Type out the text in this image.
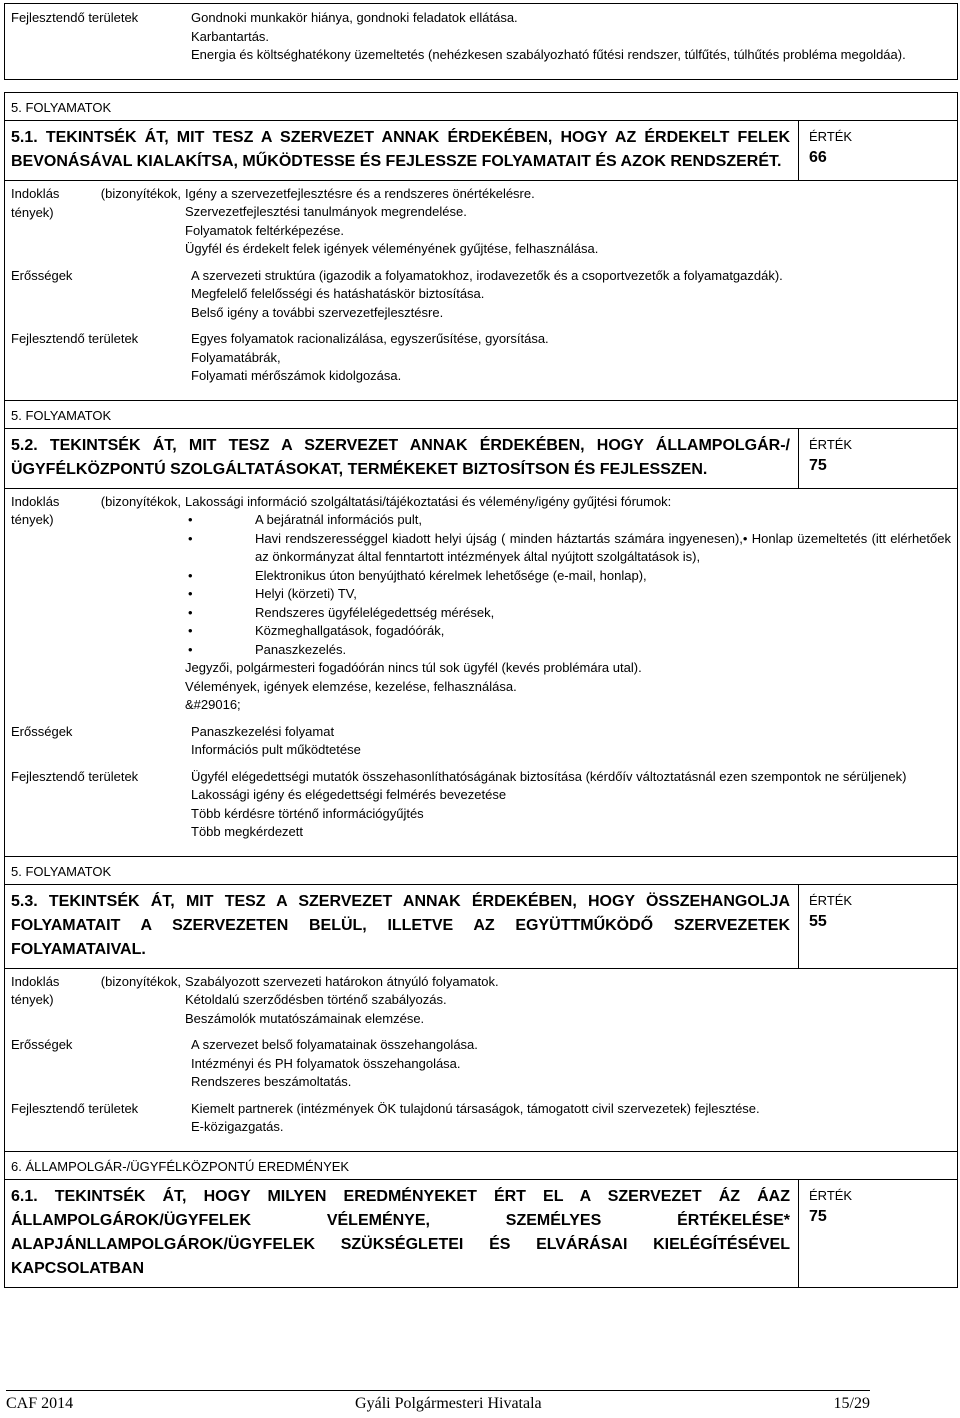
Fejlesztendő területek	Gondnoki munkakör hiánya, gondnoki feladatok ellátása.
Karbantartás.
Energia és költséghatékony üzemeltetés (nehézkesen szabályozható fűtési rendszer, túlfűtés, túlhűtés probléma megoldáa).
5. FOLYAMATOK
5.1. TEKINTSÉK ÁT, MIT TESZ A SZERVEZET ANNAK ÉRDEKÉBEN, HOGY AZ ÉRDEKELT FELEK BEVONÁSÁVAL KIALAKÍTSA, MŰKÖDTESSE ÉS FEJLESSZE FOLYAMATAIT ÉS AZOK RENDSZERÉT.
ÉRTÉK
66
Indoklás	(bizonyítékok, Igény a szervezetfejlesztésre és a rendszeres önértékelésre.
Szervezetfejlesztési tanulmányok megrendelése.
Folyamatok feltérképezése.
Ügyfél és érdekelt felek igények véleményének gyűjtése, felhasználása.
tények)
Erősségek	A szervezeti struktúra (igazodik a folyamatokhoz, irodavezetők és a csoportvezetők a folyamatgazdák).
Megfelelő felelősségi és hatáshatáskör biztosítása.
Belső igény a további szervezetfejlesztésre.
Fejlesztendő területek	Egyes folyamatok racionalizálása, egyszerűsítése, gyorsítása.
Folyamatábrák,
Folyamati mérőszámok kidolgozása.
5. FOLYAMATOK
5.2. TEKINTSÉK ÁT, MIT TESZ A SZERVEZET ANNAK ÉRDEKÉBEN, HOGY ÁLLAMPOLGÁR-/ÜGYFÉLKÖZPONTÚ SZOLGÁLTATÁSOKAT, TERMÉKEKET BIZTOSÍTSON ÉS FEJLESSZEN.
ÉRTÉK
75
Indoklás	(bizonyítékok,
tények)
Lakossági információ szolgáltatási/tájékoztatási és vélemény/igény gyűjtési fórumok:
• A bejáratnál információs pult,
• Havi rendszerességgel kiadott helyi újság ( minden háztartás számára ingyenesen),• Honlap üzemeltetés (itt elérhetőek az önkormányzat által fenntartott intézmények által nyújtott szolgáltatások is),
• Elektronikus úton benyújtható kérelmek lehetősége (e-mail, honlap),
• Helyi (körzeti) TV,
• Rendszeres ügyfélelégedettség mérések,
• Közmeghallgatások, fogadóórák,
• Panaszkezelés.
Jegyzői, polgármesteri fogadóórán nincs túl sok ügyfél (kevés problémára utal).
Vélemények, igények elemzése, kezelése, felhasználása.
&#29016;
Erősségek	Panaszkezelési folyamat
Információs pult működtetése
Fejlesztendő területek	Ügyfél elégedettségi mutatók összehasonlíthatóságának biztosítása (kérdőív változtatásnál ezen szempontok ne sérüljenek)
Lakossági igény és elégedettségi felmérés bevezetése
Több kérdésre történő információgyűjtés
Több megkérdezett
5. FOLYAMATOK
5.3. TEKINTSÉK ÁT, MIT TESZ A SZERVEZET ANNAK ÉRDEKÉBEN, HOGY ÖSSZEHANGOLJA FOLYAMATAIT A SZERVEZETEN BELÜL, ILLETVE AZ EGYÜTTMŰKÖDŐ SZERVEZETEK FOLYAMATAIVAL.
ÉRTÉK
55
Indoklás	(bizonyítékok,
tények)
Szabályozott szervezeti határokon átnyúló folyamatok.
Kétoldalú szerződésben történő szabályozás.
Beszámolók mutatószámainak elemzése.
Erősségek	A szervezet belső folyamatainak összehangolása.
Intézményi és PH folyamatok összehangolása.
Rendszeres beszámoltatás.
Fejlesztendő területek	Kiemelt partnerek (intézmények ÖK tulajdonú társaságok, támogatott civil szervezetek) fejlesztése.
E-közigazgatás.
6. ÁLLAMPOLGÁR-/ÜGYFÉLKÖZPONTÚ EREDMÉNYEK
6.1. TEKINTSÉK ÁT, HOGY MILYEN EREDMÉNYEKET ÉRT EL A SZERVEZET ÁZ ÁAZ ÁLLAMPOLGÁROK/ÜGYFELEK VÉLEMÉNYE, SZEMÉLYES ÉRTÉKELÉSE* ALAPJÁNLLAMPOLGÁROK/ÜGYFELEK SZÜKSÉGLETEI ÉS ELVÁRÁSAI KIELÉGÍTÉSÉVEL KAPCSOLATBAN
ÉRTÉK
75
CAF 2014	Gyáli Polgármesteri Hivatala	15/29
